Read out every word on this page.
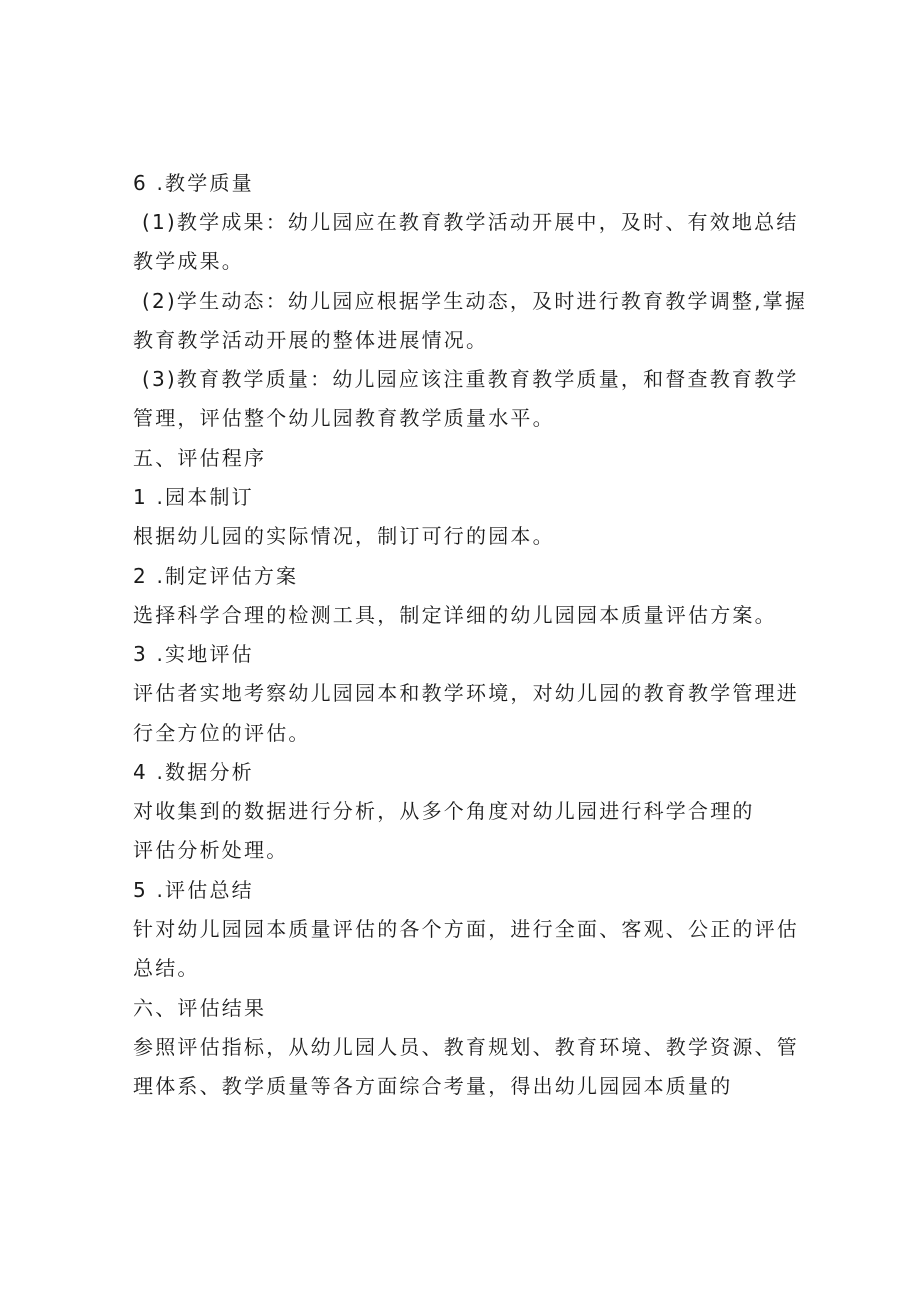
6 .教学质量
(1)教学成果：幼儿园应在教育教学活动开展中，及时、有效地总结
教学成果。
(2)学生动态：幼儿园应根据学生动态，及时进行教育教学调整,掌握
教育教学活动开展的整体进展情况。
(3)教育教学质量：幼儿园应该注重教育教学质量，和督查教育教学
管理，评估整个幼儿园教育教学质量水平。
五、评估程序
1 .园本制订
根据幼儿园的实际情况，制订可行的园本。
2 .制定评估方案
选择科学合理的检测工具，制定详细的幼儿园园本质量评估方案。
3 .实地评估
评估者实地考察幼儿园园本和教学环境，对幼儿园的教育教学管理进
行全方位的评估。
4 .数据分析
对收集到的数据进行分析，从多个角度对幼儿园进行科学合理的
评估分析处理。
5 .评估总结
针对幼儿园园本质量评估的各个方面，进行全面、客观、公正的评估
总结。
六、评估结果
参照评估指标，从幼儿园人员、教育规划、教育环境、教学资源、管
理体系、教学质量等各方面综合考量，得出幼儿园园本质量的
